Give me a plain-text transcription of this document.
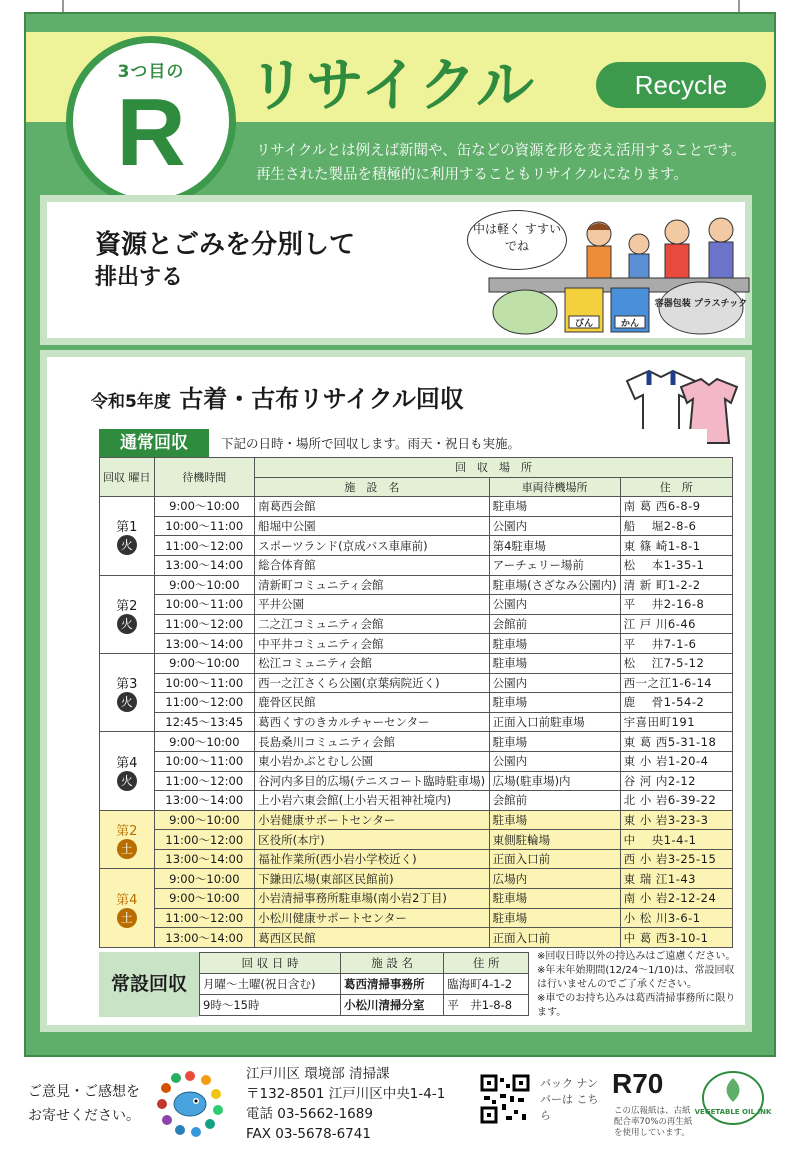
3つ目の
R	リサイクル	Recycle
リサイクルとは例えば新聞や、缶などの資源を形を変え活用することです。
再生された製品を積極的に利用することもリサイクルになります。
資源とごみを分別して
排出する
中は軽く すすいでね
びん	かん
容器包装 プラスチック
令和5年度 古着・古布リサイクル回収
通常回収	下記の日時・場所で回収します。雨天・祝日も実施。
回収 曜日	待機時間	回　収　場　所		
		施　設　名	車両待機場所	住　所

第1
火	9:00～10:00	南葛西会館	駐車場	南 葛 西6-8-9
	10:00～11:00	船堀中公園	公園内	船　 堀2-8-6
	11:00～12:00	スポーツランド(京成バス車庫前)	第4駐車場	東 篠 崎1-8-1
	13:00～14:00	総合体育館	アーチェリー場前	松　 本1-35-1

第2
火	9:00～10:00	清新町コミュニティ会館	駐車場(さざなみ公園内)	清 新 町1-2-2
	10:00～11:00	平井公園	公園内	平　 井2-16-8
	11:00～12:00	二之江コミュニティ会館	会館前	江 戸 川6-46
	13:00～14:00	中平井コミュニティ会館	駐車場	平　 井7-1-6

第3
火	9:00～10:00	松江コミュニティ会館	駐車場	松　 江7-5-12
	10:00～11:00	西一之江さくら公園(京葉病院近く)	公園内	西一之江1-6-14
	11:00～12:00	鹿骨区民館	駐車場	鹿　 骨1-54-2
	12:45～13:45	葛西くすのきカルチャーセンター	正面入口前駐車場	宇喜田町191

第4
火	9:00～10:00	長島桑川コミュニティ会館	駐車場	東 葛 西5-31-18
	10:00～11:00	東小岩かぶとむし公園	公園内	東 小 岩1-20-4
	11:00～12:00	谷河内多目的広場(テニスコート臨時駐車場)	広場(駐車場)内	谷 河 内2-12
	13:00～14:00	上小岩六東会館(上小岩天祖神社境内)	会館前	北 小 岩6-39-22

第2
土	9:00～10:00	小岩健康サポートセンター	駐車場	東 小 岩3-23-3
	11:00～12:00	区役所(本庁)	東側駐輪場	中　 央1-4-1
	13:00～14:00	福祉作業所(西小岩小学校近く)	正面入口前	西 小 岩3-25-15

第4
土	9:00～10:00	下鎌田広場(東部区民館前)	広場内	東 瑞 江1-43
	9:00～10:00	小岩清掃事務所駐車場(南小岩2丁目)	駐車場	南 小 岩2-12-24
	11:00～12:00	小松川健康サポートセンター	駐車場	小 松 川3-6-1
	13:00～14:00	葛西区民館	正面入口前	中 葛 西3-10-1
常設回収
回 収 日 時	施 設 名	住 所
月曜～土曜(祝日含む)	葛西清掃事務所	臨海町4-1-2
9時～15時	小松川清掃分室	平　井1-8-8
※回収日時以外の持込みはご遠慮ください。
※年末年始期間(12/24～1/10)は、常設回収は行いませんのでご了承ください。
※車でのお持ち込みは葛西清掃事務所に限ります。
ご意見・ご感想を
お寄せください。
江戸川区 環境部 清掃課
〒132-8501 江戸川区中央1-4-1
電話 03-5662-1689
FAX 03-5678-6741
バック ナンバーは こちら
R70
この広報紙は、古紙配合率70%の再生紙を使用しています。
VEGETABLE OIL INK
